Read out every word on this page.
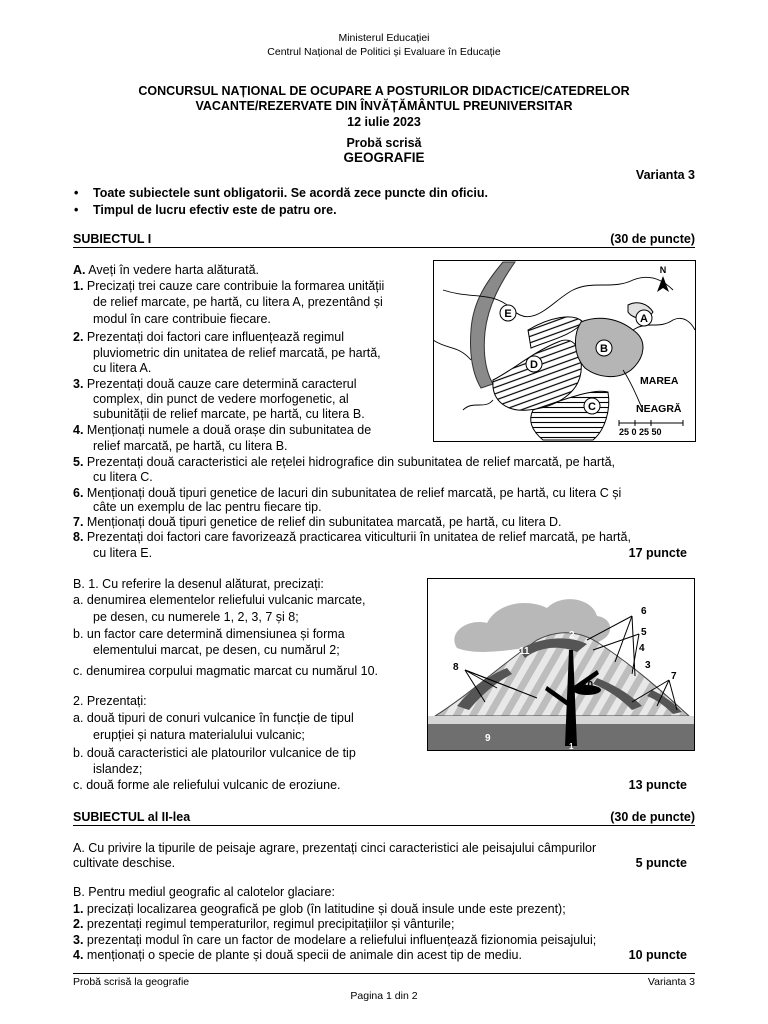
Ministerul Educației
Centrul Național de Politici și Evaluare în Educație
CONCURSUL NAȚIONAL DE OCUPARE A POSTURILOR DIDACTICE/CATEDRELOR
VACANTE/REZERVATE DIN ÎNVĂȚĂMÂNTUL PREUNIVERSITAR
12 iulie 2023
Probă scrisă
GEOGRAFIE
Varianta 3
• Toate subiectele sunt obligatorii. Se acordă zece puncte din oficiu.
• Timpul de lucru efectiv este de patru ore.
SUBIECTUL I	(30 de puncte)
A. Aveți în vedere harta alăturată.
1. Precizați trei cauze care contribuie la formarea unității
de relief marcate, pe hartă, cu litera A, prezentând și
modul în care contribuie fiecare.
2. Prezentați doi factori care influențează regimul
pluviometric din unitatea de relief marcată, pe hartă,
cu litera A.
3. Prezentați două cauze care determină caracterul
complex, din punct de vedere morfogenetic, al
subunității de relief marcate, pe hartă, cu litera B.
4. Menționați numele a două orașe din subunitatea de
relief marcată, pe hartă, cu litera B.
5. Prezentați două caracteristici ale rețelei hidrografice din subunitatea de relief marcată, pe hartă,
cu litera C.
6. Menționați două tipuri genetice de lacuri din subunitatea de relief marcată, pe hartă, cu litera C și
câte un exemplu de lac pentru fiecare tip.
7. Menționați două tipuri genetice de relief din subunitatea marcată, pe hartă, cu litera D.
8. Prezentați doi factori care favorizează practicarea viticulturii în unitatea de relief marcată, pe hartă,
cu litera E.	17 puncte
E	A
B
D
C
N
MAREA
NEAGRĂ
25 0 25 50
B. 1. Cu referire la desenul alăturat, precizați:
a. denumirea elementelor reliefului vulcanic marcate,
pe desen, cu numerele 1, 2, 3, 7 și 8;
b. un factor care determină dimensiunea și forma
elementului marcat, pe desen, cu numărul 2;
c. denumirea corpului magmatic marcat cu numărul 10.
2. Prezentați:
a. două tipuri de conuri vulcanice în funcție de tipul
erupției și natura materialului vulcanic;
b. două caracteristici ale platourilor vulcanice de tip
islandez;
c. două forme ale reliefului vulcanic de eroziune.	13 puncte
6
5
4
3
7
2
11
8
10
9
1
SUBIECTUL al II-lea	(30 de puncte)
A. Cu privire la tipurile de peisaje agrare, prezentați cinci caracteristici ale peisajului câmpurilor
cultivate deschise.	5 puncte
B. Pentru mediul geografic al calotelor glaciare:
1. precizați localizarea geografică pe glob (în latitudine și două insule unde este prezent);
2. prezentați regimul temperaturilor, regimul precipitațiilor și vânturile;
3. prezentați modul în care un factor de modelare a reliefului influențează fizionomia peisajului;
4. menționați o specie de plante și două specii de animale din acest tip de mediu.	10 puncte
Probă scrisă la geografie	Varianta 3
Pagina 1 din 2
